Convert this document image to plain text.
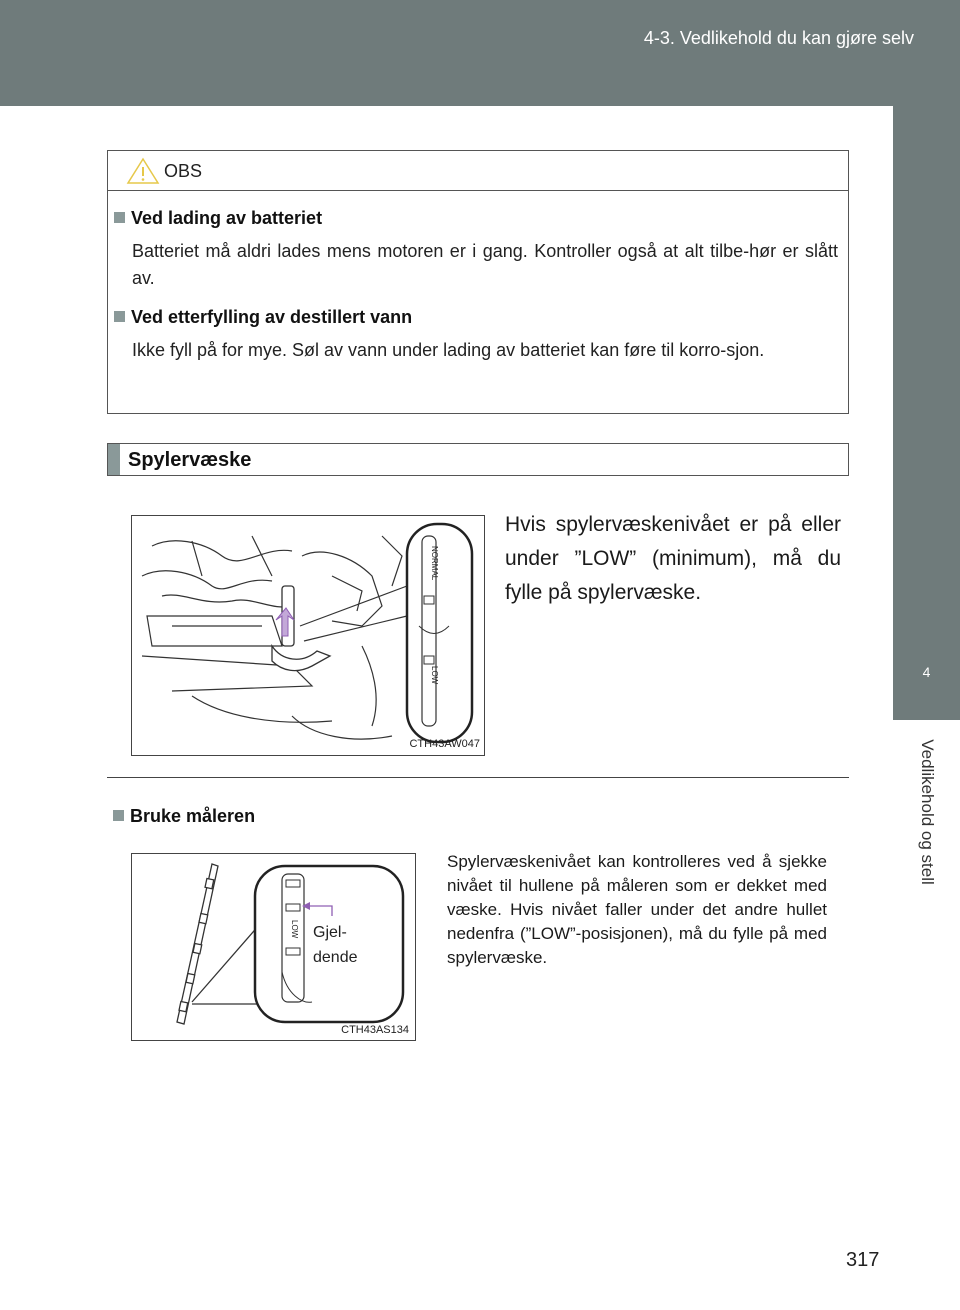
4-3. Vedlikehold du kan gjøre selv
4
Vedlikehold og stell
OBS
Ved lading av batteriet
Batteriet må aldri lades mens motoren er i gang. Kontroller også at alt tilbe-hør er slått av.
Ved etterfylling av destillert vann
Ikke fyll på for mye. Søl av vann under lading av batteriet kan føre til korro-sjon.
Spylervæske
NORMAL
LOW
CTH43AW047
Hvis spylervæskenivået er på eller under ”LOW” (minimum), må du fylle på spylervæske.
Bruke måleren
LOW
CTH43AS134
Gjel-
dende
Spylervæskenivået kan kontrolleres ved å sjekke nivået til hullene på måleren som er dekket med væske. Hvis nivået faller under det andre hullet nedenfra (”LOW”-posisjonen), må du fylle på med spylervæske.
317
